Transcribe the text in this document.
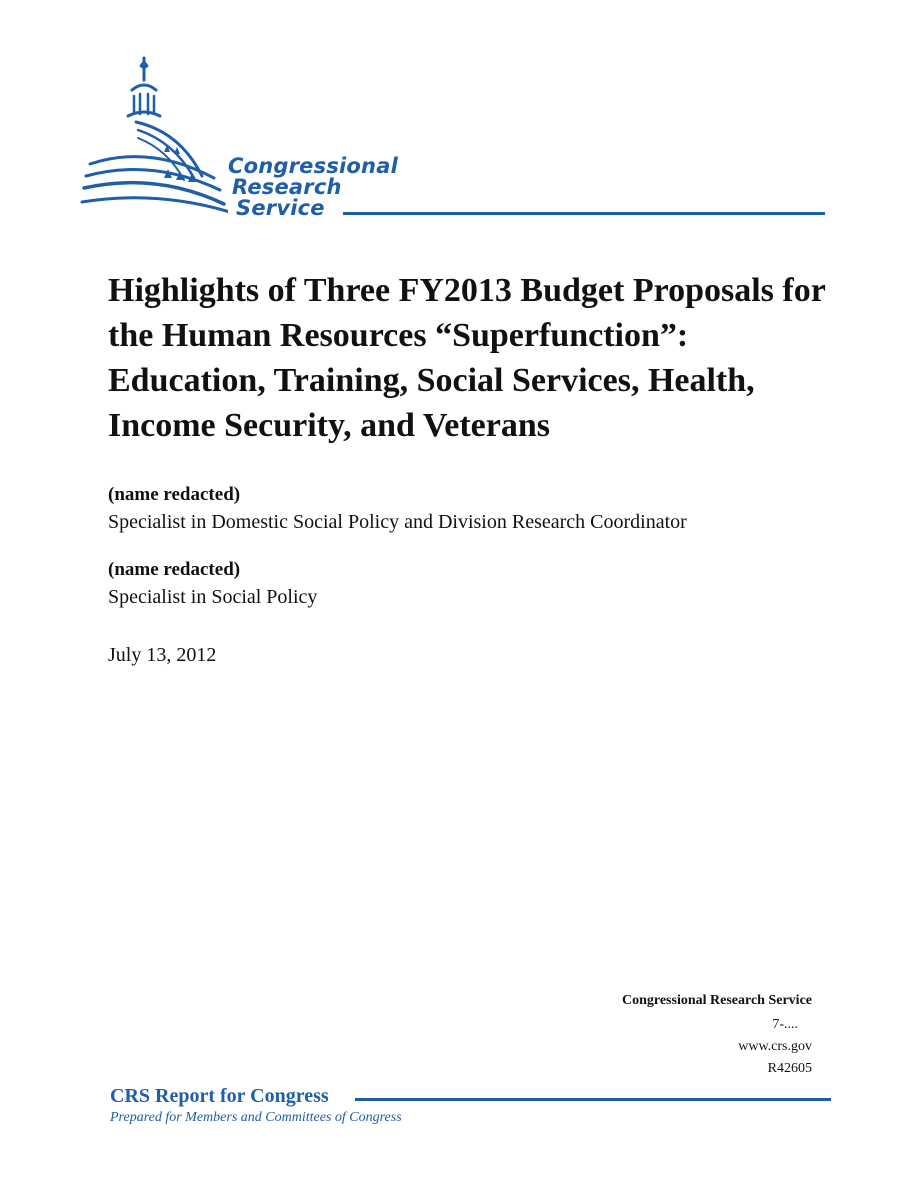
Congressional
Research
Service
Highlights of Three FY2013 Budget Proposals for the Human Resources “Superfunction”: Education, Training, Social Services, Health, Income Security, and Veterans
(name redacted)
Specialist in Domestic Social Policy and Division Research Coordinator
(name redacted)
Specialist in Social Policy
July 13, 2012
Congressional Research Service
7-....
www.crs.gov
R42605
CRS Report for Congress
Prepared for Members and Committees of Congress
